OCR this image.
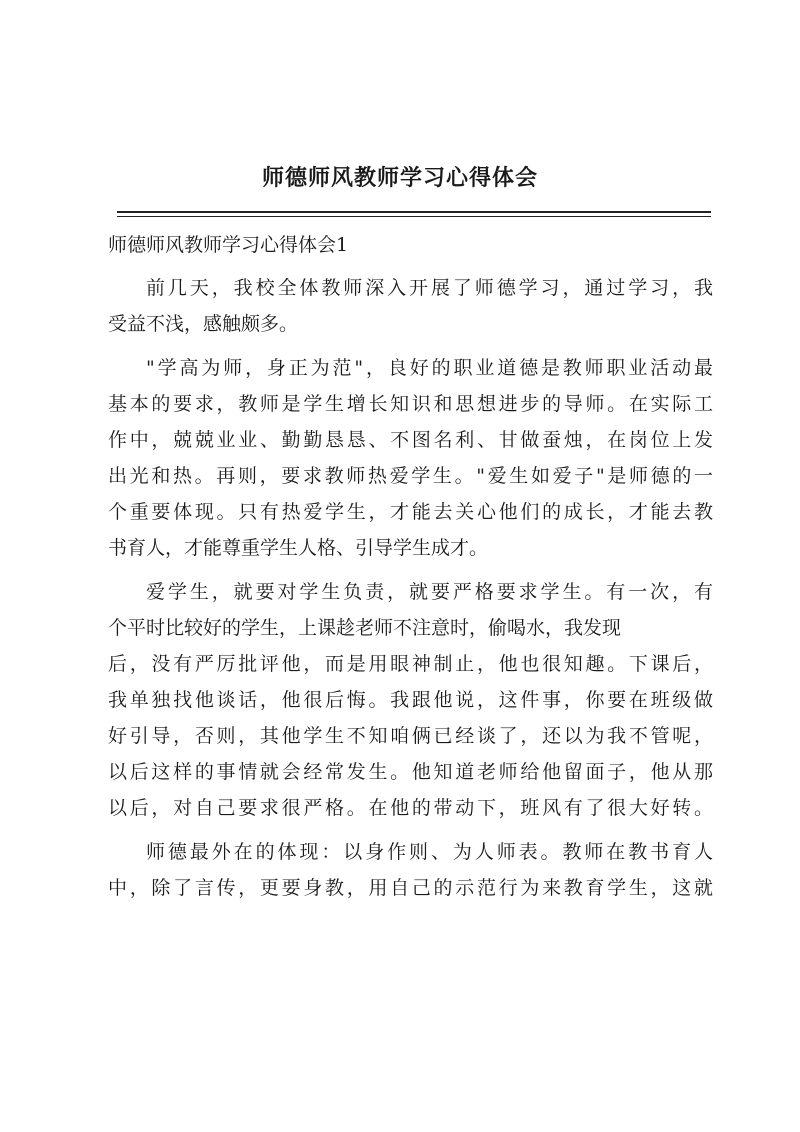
师德师风教师学习心得体会
师德师风教师学习心得体会1
前几天，我校全体教师深入开展了师德学习，通过学习，我
受益不浅，感触颇多。
"学高为师，身正为范"，良好的职业道德是教师职业活动最
基本的要求，教师是学生增长知识和思想进步的导师。在实际工
作中，兢兢业业、勤勤恳恳、不图名利、甘做蚕烛，在岗位上发
出光和热。再则，要求教师热爱学生。"爱生如爱子"是师德的一
个重要体现。只有热爱学生，才能去关心他们的成长，才能去教
书育人，才能尊重学生人格、引导学生成才。
爱学生，就要对学生负责，就要严格要求学生。有一次，有
个平时比较好的学生，上课趁老师不注意时，偷喝水，我发现
后，没有严厉批评他，而是用眼神制止，他也很知趣。下课后，
我单独找他谈话，他很后悔。我跟他说，这件事，你要在班级做
好引导，否则，其他学生不知咱俩已经谈了，还以为我不管呢，
以后这样的事情就会经常发生。他知道老师给他留面子，他从那
以后，对自己要求很严格。在他的带动下，班风有了很大好转。
师德最外在的体现：以身作则、为人师表。教师在教书育人
中，除了言传，更要身教，用自己的示范行为来教育学生，这就
